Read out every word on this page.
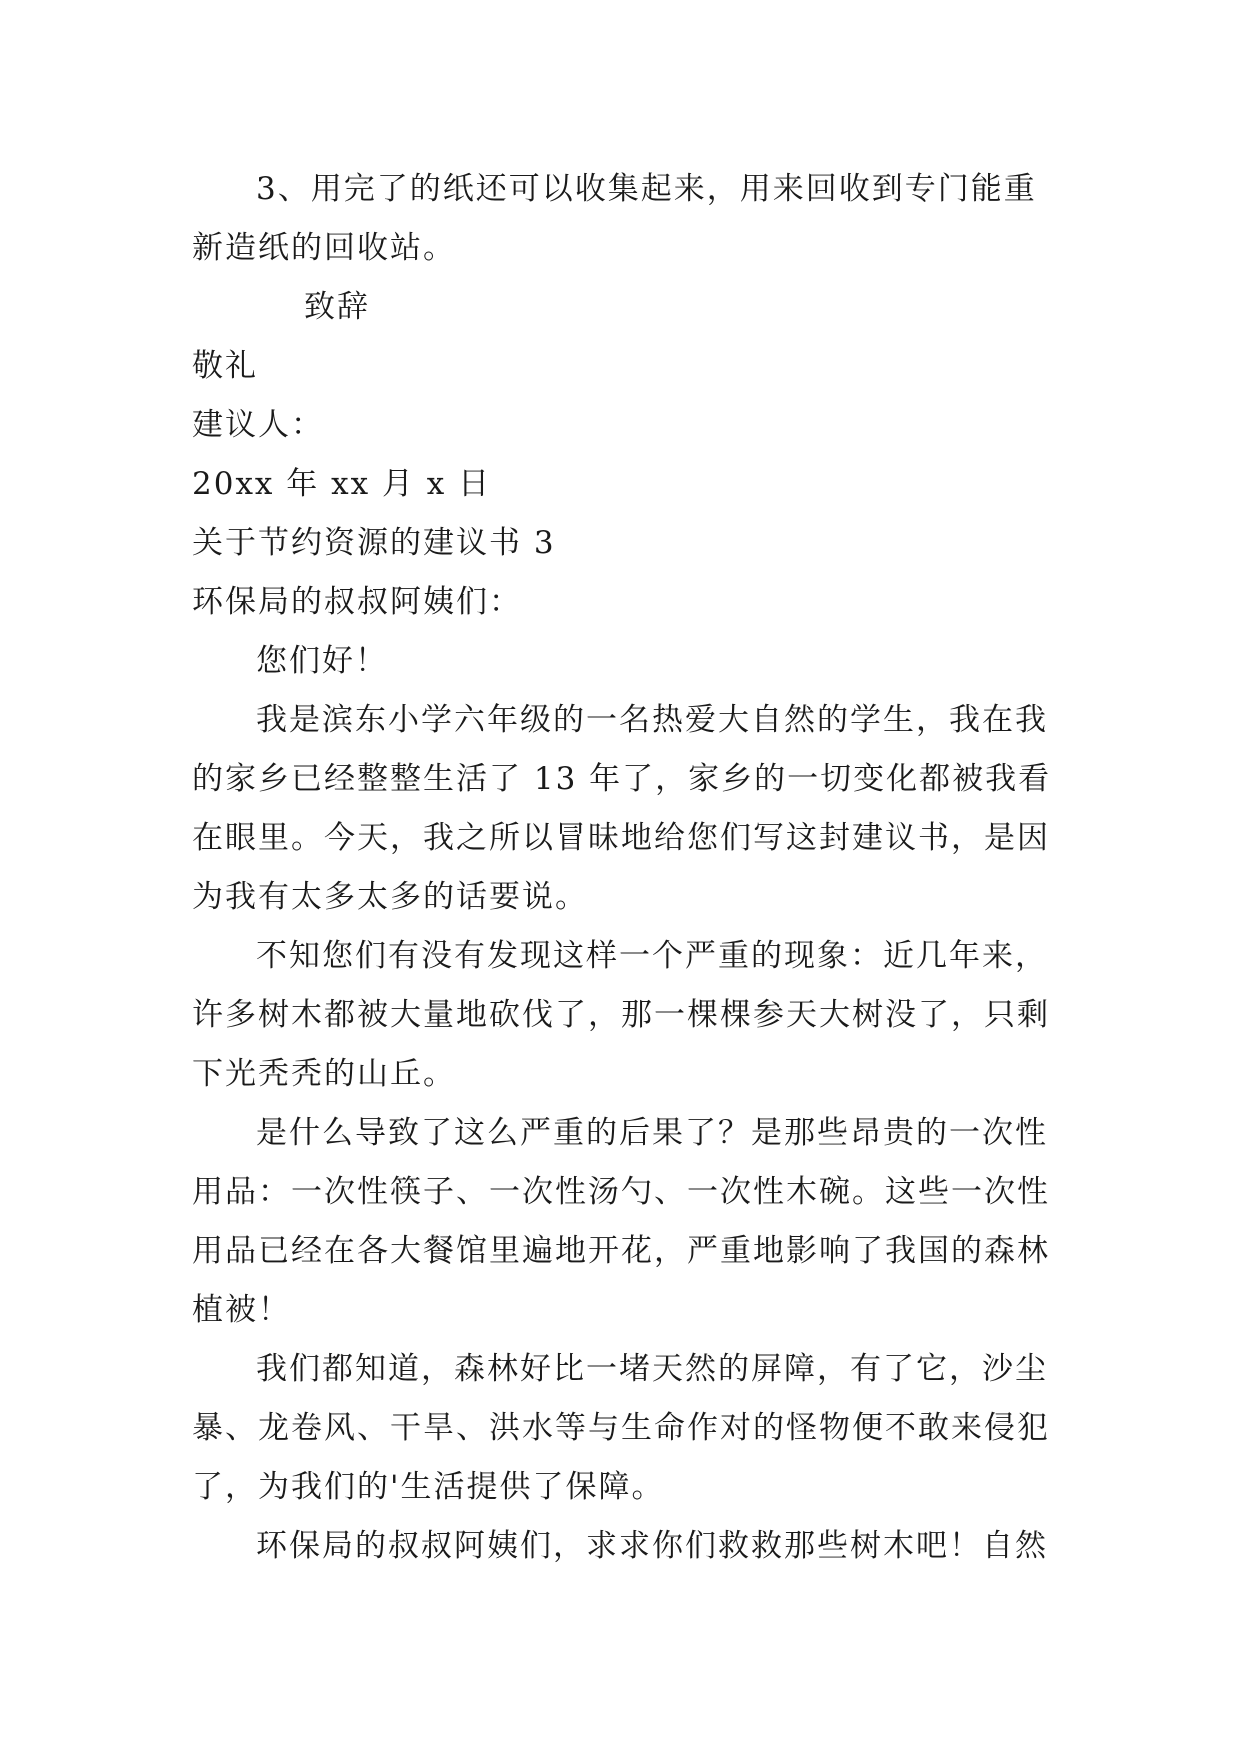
3、用完了的纸还可以收集起来，用来回收到专门能重新造纸的回收站。

致辞

敬礼

建议人：

20xx 年 xx 月 x 日

关于节约资源的建议书 3

环保局的叔叔阿姨们：

您们好！

我是滨东小学六年级的一名热爱大自然的学生，我在我的家乡已经整整生活了 13 年了，家乡的一切变化都被我看在眼里。今天，我之所以冒昧地给您们写这封建议书，是因为我有太多太多的话要说。

不知您们有没有发现这样一个严重的现象：近几年来，许多树木都被大量地砍伐了，那一棵棵参天大树没了，只剩下光秃秃的山丘。

是什么导致了这么严重的后果了？是那些昂贵的一次性用品：一次性筷子、一次性汤勺、一次性木碗。这些一次性用品已经在各大餐馆里遍地开花，严重地影响了我国的森林植被！

我们都知道，森林好比一堵天然的屏障，有了它，沙尘暴、龙卷风、干旱、洪水等与生命作对的怪物便不敢来侵犯了，为我们的'生活提供了保障。

环保局的叔叔阿姨们，求求你们救救那些树木吧！自然
